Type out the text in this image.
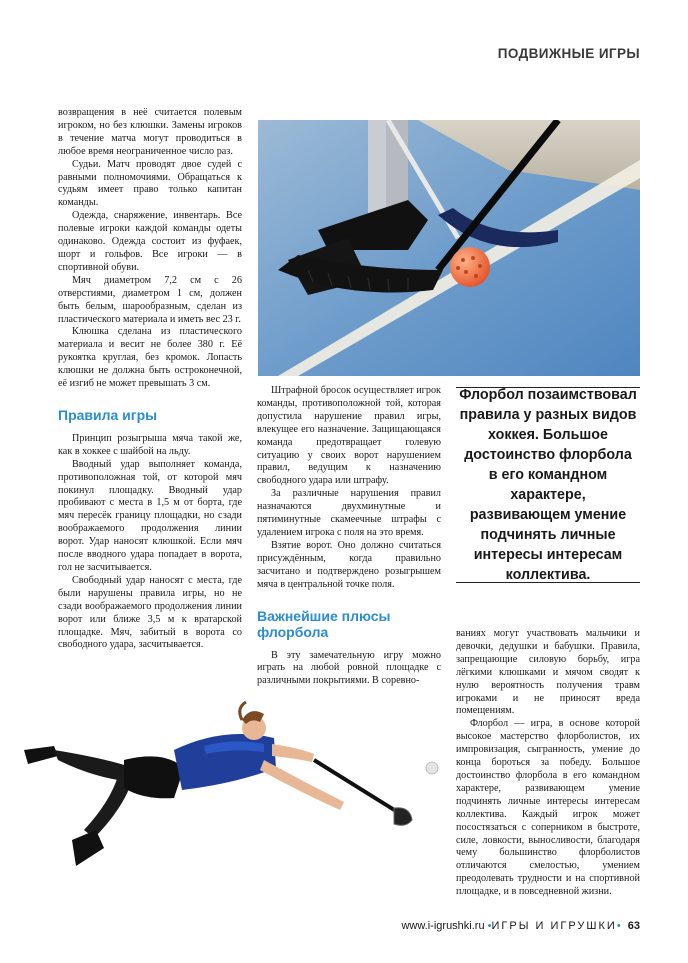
ПОДВИЖНЫЕ ИГРЫ

возвращения в неё считается полевым игроком, но без клюшки. Замены игроков в течение матча могут проводиться в любое время неограниченное число раз.

Судьи. Матч проводят двое судей с равными полномочиями. Обращаться к судьям имеет право только капитан команды.

Одежда, снаряжение, инвентарь. Все полевые игроки каждой команды одеты одинаково. Одежда состоит из фуфаек, шорт и гольфов. Все игроки — в спортивной обуви.

Мяч диаметром 7,2 см с 26 отверстиями, диаметром 1 см, должен быть белым, шарообразным, сделан из пластического материала и иметь вес 23 г.

Клюшка сделана из пластического материала и весит не более 380 г. Её рукоятка круглая, без кромок. Лопасть клюшки не должна быть остроконечной, её изгиб не может превышать 3 см.

Правила игры

Принцип розыгрыша мяча такой же, как в хоккее с шайбой на льду.

Вводный удар выполняет команда, противоположная той, от которой мяч покинул площадку. Вводный удар пробивают с места в 1,5 м от борта, где мяч пересёк границу площадки, но сзади воображаемого продолжения линии ворот. Удар наносят клюшкой. Если мяч после вводного удара попадает в ворота, гол не засчитывается.

Свободный удар наносят с места, где были нарушены правила игры, но не сзади воображаемого продолжения линии ворот или ближе 3,5 м к вратарской площадке. Мяч, забитый в ворота со свободного удара, засчитывается.

Штрафной бросок осуществляет игрок команды, противоположной той, которая допустила нарушение правил игры, влекущее его назначение. Защищающаяся команда предотвращает голевую ситуацию у своих ворот нарушением правил, ведущим к назначению свободного удара или штрафу.

За различные нарушения правил назначаются двухминутные и пятиминутные скамеечные штрафы с удалением игрока с поля на это время.

Взятие ворот. Оно должно считаться присуждённым, когда правильно засчитано и подтверждено розыгрышем мяча в центральной точке поля.

Важнейшие плюсы флорбола

В эту замечательную игру можно играть на любой ровной площадке с различными покрытиями. В соревно-

Флорбол позаимствовал правила у разных видов хоккея. Большое достоинство флорбола в его командном характере, развивающем умение подчинять личные интересы интересам коллектива.

ваниях могут участвовать мальчики и девочки, дедушки и бабушки. Правила, запрещающие силовую борьбу, игра лёгкими клюшками и мячом сводят к нулю вероятность получения травм игроками и не приносят вреда помещениям.

Флорбол — игра, в основе которой высокое мастерство флорболистов, их импровизация, сыгранность, умение до конца бороться за победу. Большое достоинство флорбола в его командном характере, развивающем умение подчинять личные интересы интересам коллектива. Каждый игрок может посостязаться с соперником в быстроте, силе, ловкости, выносливости, благодаря чему большинство флорболистов отличаются смелостью, умением преодолевать трудности и на спортивной площадке, и в повседневной жизни.

www.i-igrushki.ru •ИГРЫ И ИГРУШКИ• 63
